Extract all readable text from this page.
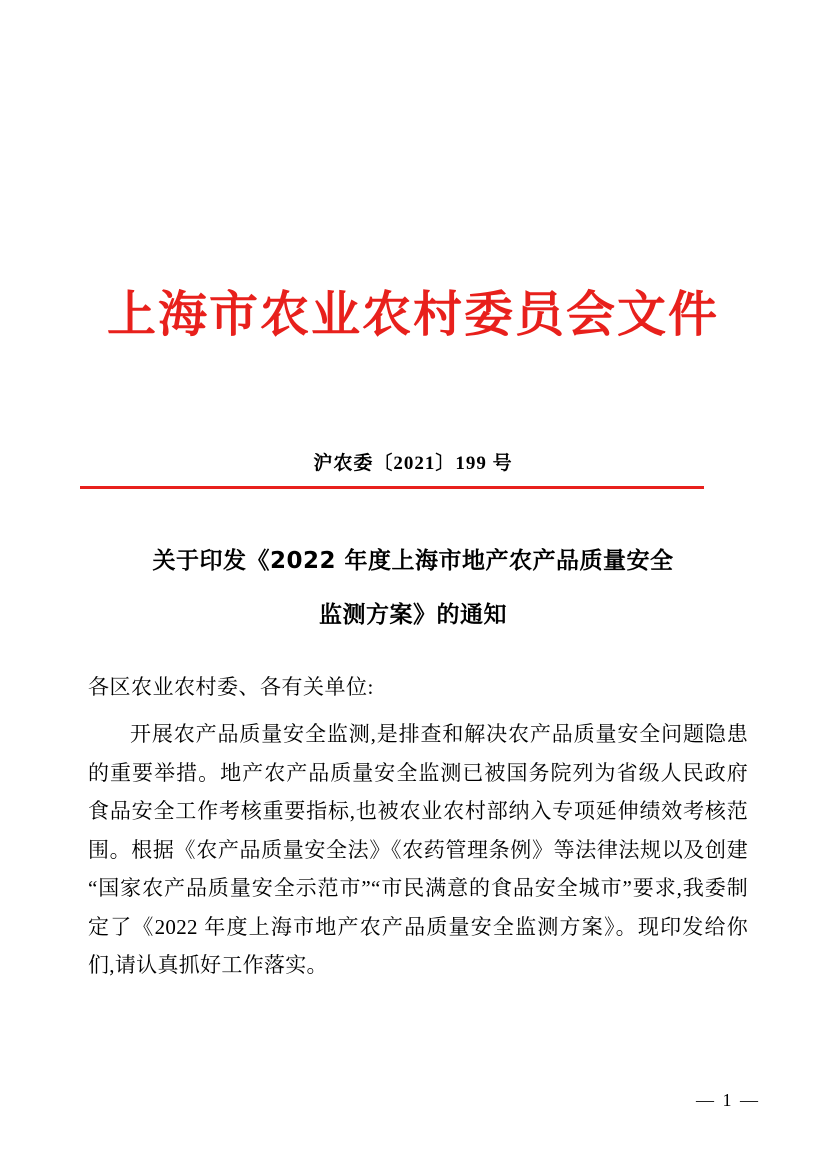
上海市农业农村委员会文件
沪农委〔2021〕199 号
关于印发《2022 年度上海市地产农产品质量安全
监测方案》的通知
各区农业农村委、各有关单位:
开展农产品质量安全监测,是排查和解决农产品质量安全问题隐患的重要举措。地产农产品质量安全监测已被国务院列为省级人民政府食品安全工作考核重要指标,也被农业农村部纳入专项延伸绩效考核范围。根据《农产品质量安全法》《农药管理条例》等法律法规以及创建“国家农产品质量安全示范市”“市民满意的食品安全城市”要求,我委制定了《2022 年度上海市地产农产品质量安全监测方案》。现印发给你们,请认真抓好工作落实。
— 1 —
